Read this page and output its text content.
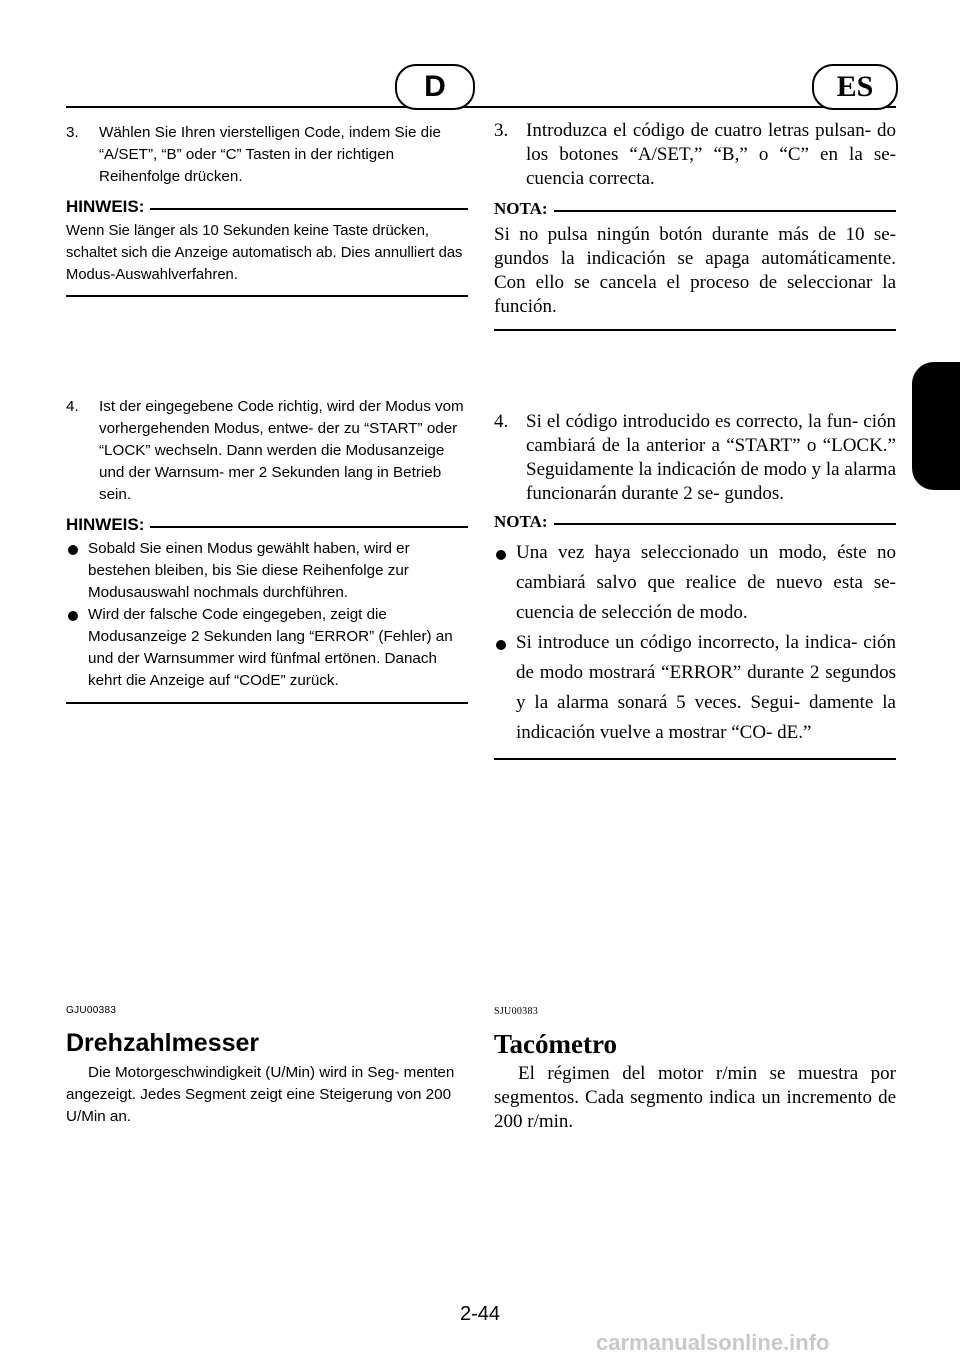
D	ES
3.	Wählen Sie Ihren vierstelligen Code, indem Sie die “A/SET”, “B” oder “C” Tasten in der richtigen Reihenfolge drücken.
HINWEIS:
Wenn Sie länger als 10 Sekunden keine Taste drücken, schaltet sich die Anzeige automatisch ab. Dies annulliert das Modus-Auswahlverfahren.
3. Introduzca el código de cuatro letras pulsan- do los botones “A/SET,” “B,” o “C” en la se- cuencia correcta.
NOTA:
Si no pulsa ningún botón durante más de 10 se- gundos la indicación se apaga automáticamente. Con ello se cancela el proceso de seleccionar la función.
4.	Ist der eingegebene Code richtig, wird der Modus vom vorhergehenden Modus, entwe- der zu “START” oder “LOCK” wechseln. Dann werden die Modusanzeige und der Warnsum- mer 2 Sekunden lang in Betrieb sein.
HINWEIS:
Sobald Sie einen Modus gewählt haben, wird er bestehen bleiben, bis Sie diese Reihenfolge zur Modusauswahl nochmals durchführen.
Wird der falsche Code eingegeben, zeigt die Modusanzeige 2 Sekunden lang “ERROR” (Fehler) an und der Warnsummer wird fünfmal ertönen. Danach kehrt die Anzeige auf “COdE” zurück.
4. Si el código introducido es correcto, la fun- ción cambiará de la anterior a “START” o “LOCK.” Seguidamente la indicación de modo y la alarma funcionarán durante 2 se- gundos.
NOTA:
Una vez haya seleccionado un modo, éste no cambiará salvo que realice de nuevo esta se- cuencia de selección de modo.
Si introduce un código incorrecto, la indica- ción de modo mostrará “ERROR” durante 2 segundos y la alarma sonará 5 veces. Segui- damente la indicación vuelve a mostrar “CO- dE.”
GJU00383
Drehzahlmesser
Die Motorgeschwindigkeit (U/Min) wird in Seg- menten angezeigt. Jedes Segment zeigt eine Steigerung von 200 U/Min an.
SJU00383
Tacómetro
El régimen del motor r/min se muestra por segmentos. Cada segmento indica un incremento de 200 r/min.
2-44
carmanualsonline.info
